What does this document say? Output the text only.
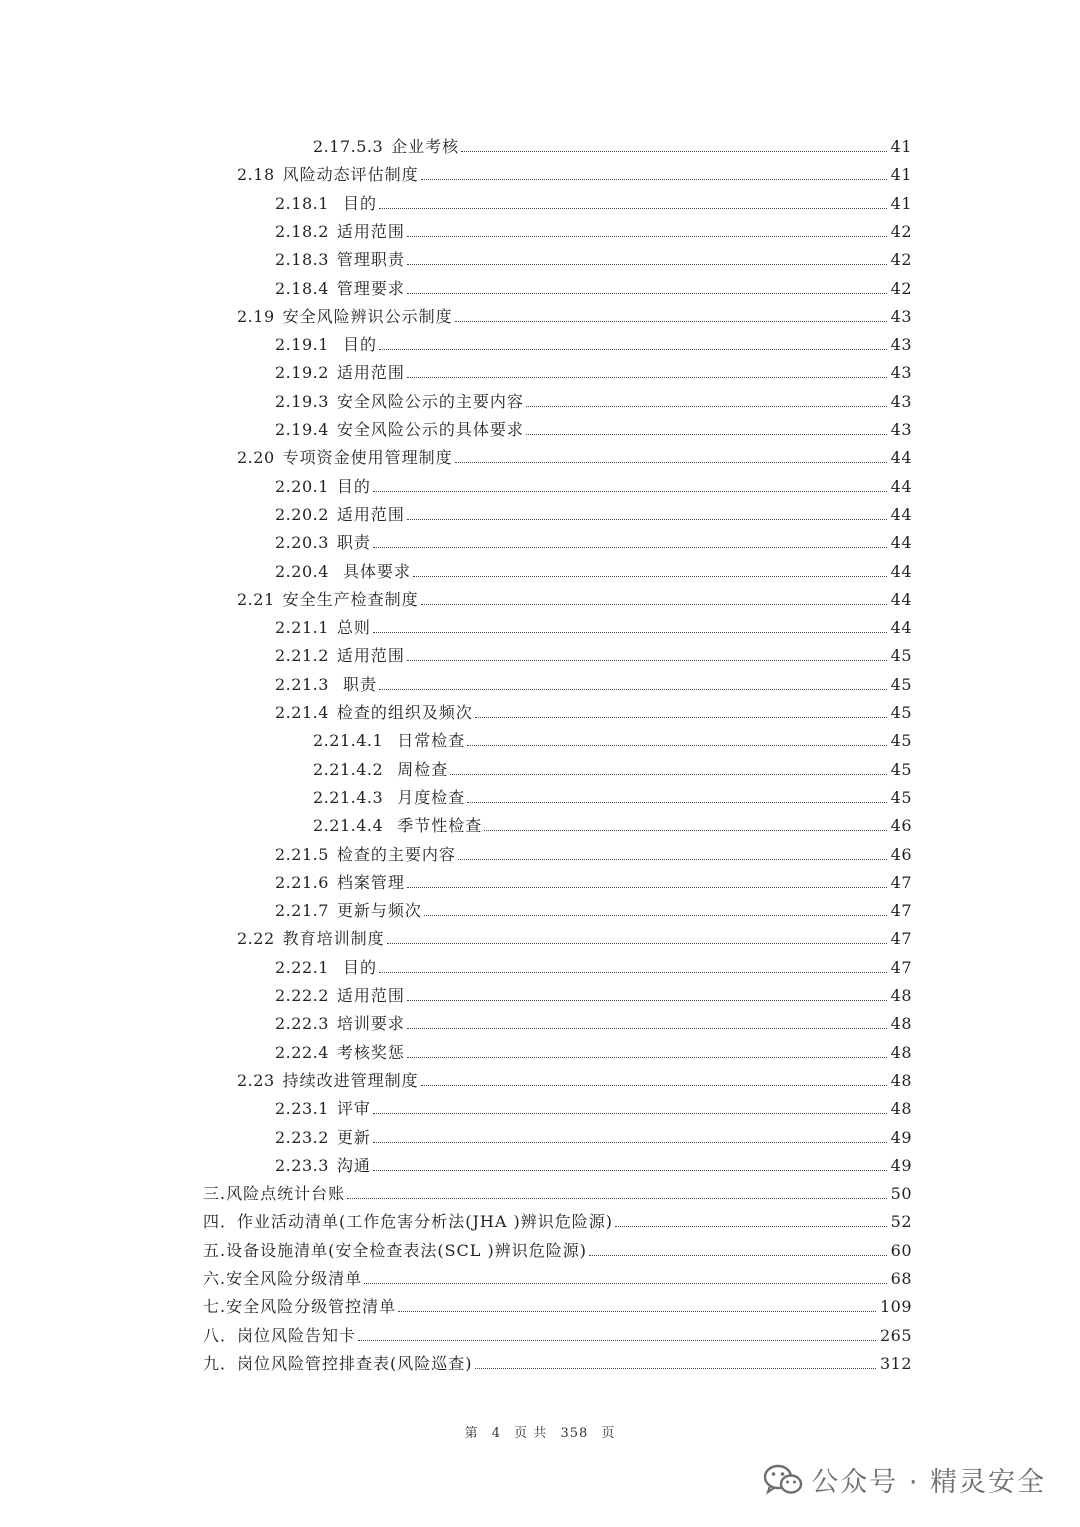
2.17.5.3 企业考核	41
2.18 风险动态评估制度	41
2.18.1 目的	41
2.18.2 适用范围	42
2.18.3 管理职责	42
2.18.4 管理要求	42
2.19 安全风险辨识公示制度	43
2.19.1 目的	43
2.19.2 适用范围	43
2.19.3 安全风险公示的主要内容	43
2.19.4 安全风险公示的具体要求	43
2.20 专项资金使用管理制度	44
2.20.1 目的	44
2.20.2 适用范围	44
2.20.3 职责	44
2.20.4 具体要求	44
2.21 安全生产检查制度	44
2.21.1 总则	44
2.21.2 适用范围	45
2.21.3 职责	45
2.21.4 检查的组织及频次	45
2.21.4.1 日常检查	45
2.21.4.2 周检查	45
2.21.4.3 月度检查	45
2.21.4.4 季节性检查	46
2.21.5 检查的主要内容	46
2.21.6 档案管理	47
2.21.7 更新与频次	47
2.22 教育培训制度	47
2.22.1 目的	47
2.22.2 适用范围	48
2.22.3 培训要求	48
2.22.4 考核奖惩	48
2.23 持续改进管理制度	48
2.23.1 评审	48
2.23.2 更新	49
2.23.3 沟通	49
三.风险点统计台账	50
四．作业活动清单(工作危害分析法(JHA )辨识危险源)	52
五.设备设施清单(安全检查表法(SCL )辨识危险源)	60
六.安全风险分级清单	68
七.安全风险分级管控清单	109
八．岗位风险告知卡	265
九．岗位风险管控排查表(风险巡查)	312
第 4 页 共 358 页
公众号 · 精灵安全
